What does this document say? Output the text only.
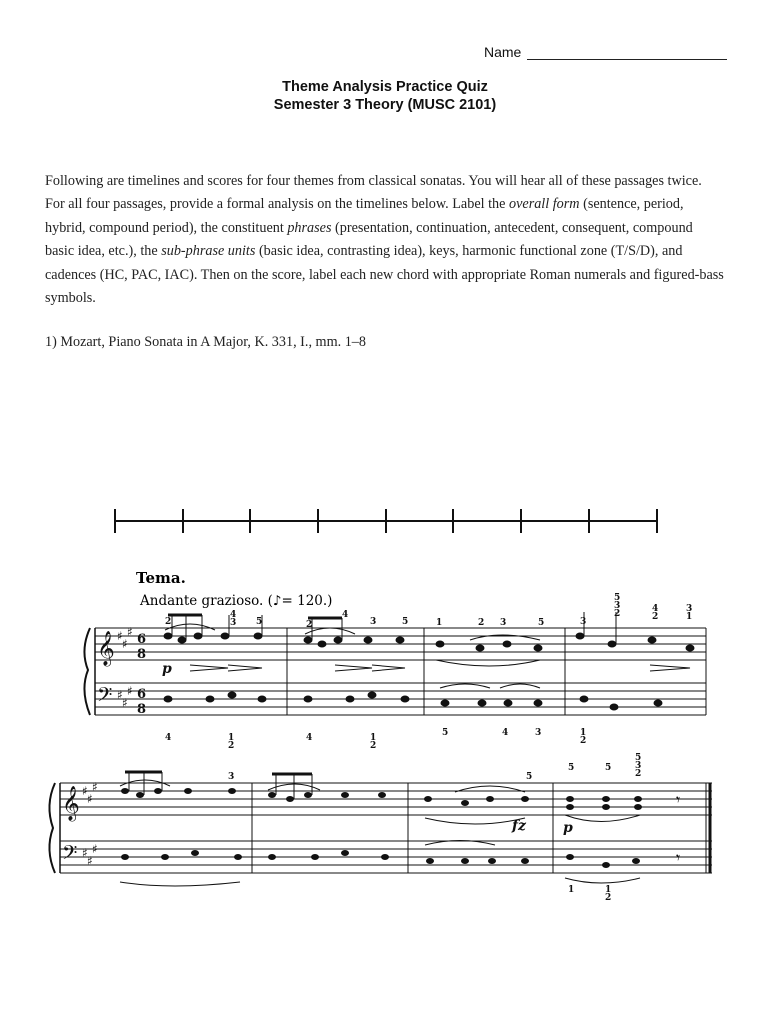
Name
Theme Analysis Practice Quiz
Semester 3 Theory (MUSC 2101)
Following are timelines and scores for four themes from classical sonatas. You will hear all of these passages twice. For all four passages, provide a formal analysis on the timelines below. Label the overall form (sentence, period, hybrid, compound period), the constituent phrases (presentation, continuation, antecedent, consequent, compound basic idea, etc.), the sub-phrase units (basic idea, contrasting idea), keys, harmonic functional zone (T/S/D), and cadences (HC, PAC, IAC). Then on the score, label each new chord with appropriate Roman numerals and figured-bass symbols.
1) Mozart, Piano Sonata in A Major, K. 331, I., mm. 1–8
Tema.
Andante grazioso. (♪= 120.)
𝄞
𝄢
♯
♯
♯
♯
♯
♯
6
8
6
8
p
2
4
3 5	2
4
3	5	1	2 3	5	3
5
3
2	4
2
3
1
4	1
2
4	1
2
5	4	3	1
2
𝄞
𝄢
♯
♯
♯
♯
♯
♯
fz	p
3	5
5	5
5
3
2
1	1
2
𝄾
𝄾
